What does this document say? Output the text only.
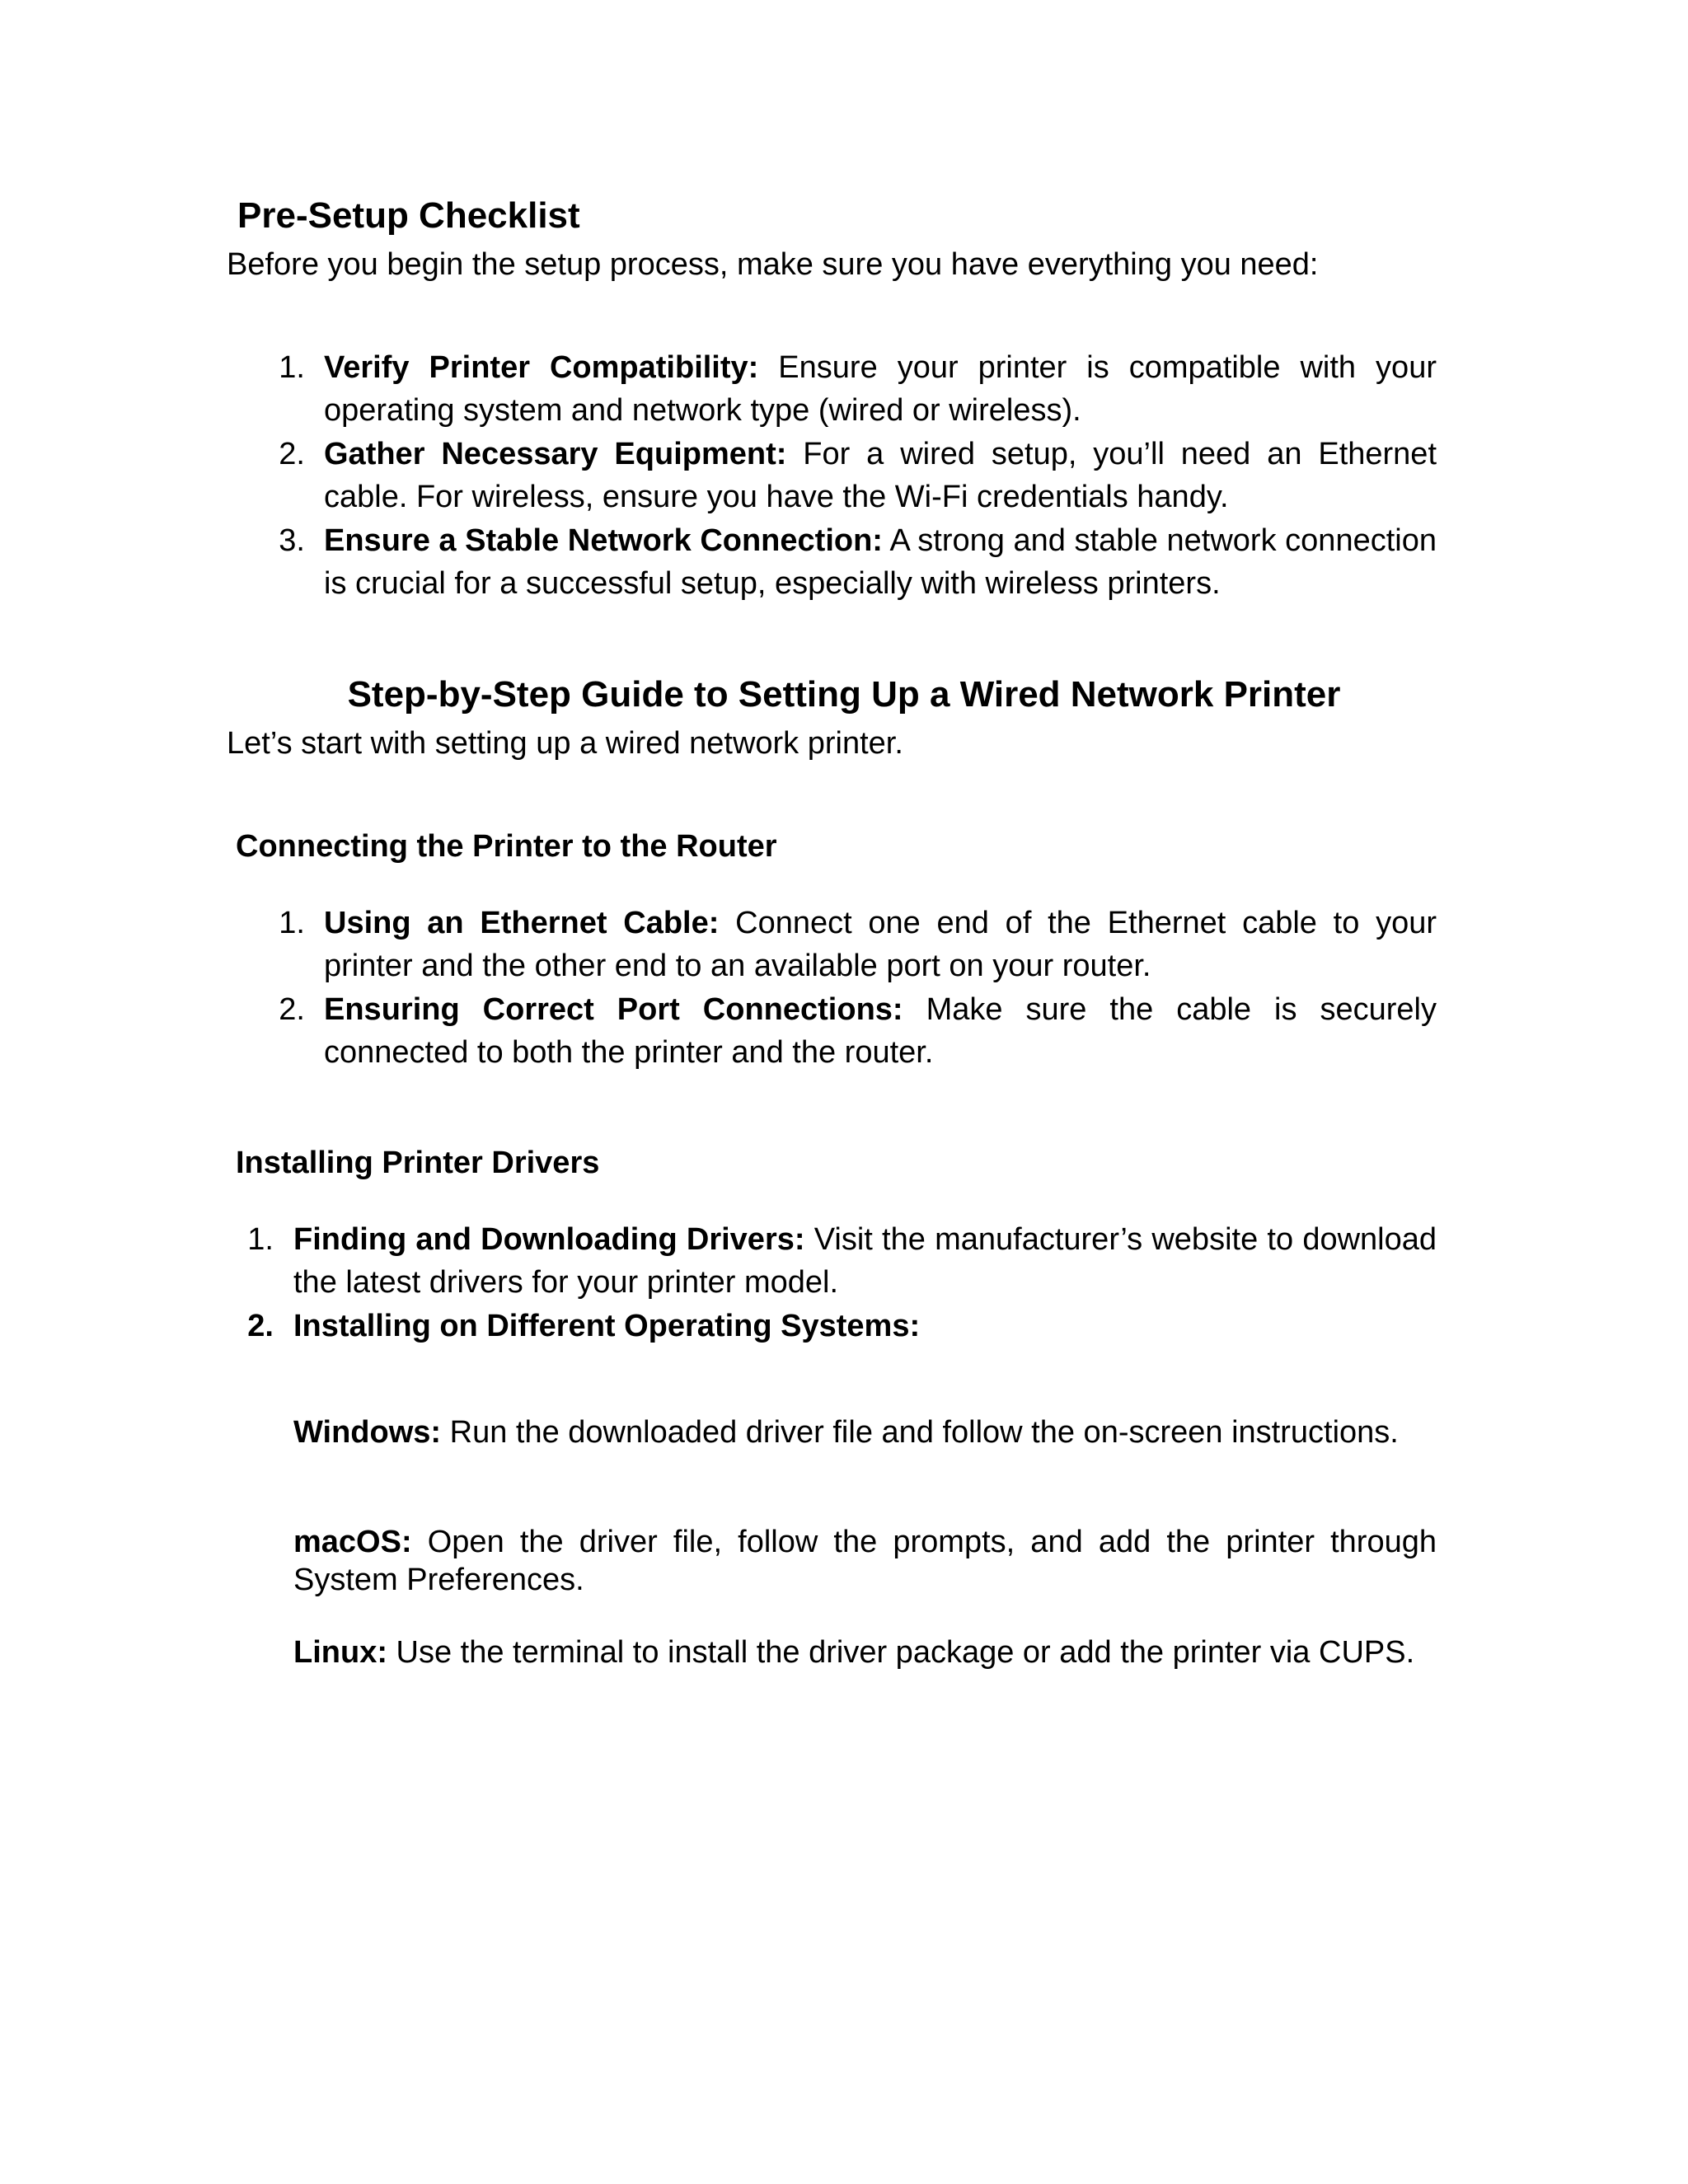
Pre-Setup Checklist

Before you begin the setup process, make sure you have everything you need:

1. Verify Printer Compatibility: Ensure your printer is compatible with your operating system and network type (wired or wireless).

2. Gather Necessary Equipment: For a wired setup, you’ll need an Ethernet cable. For wireless, ensure you have the Wi-Fi credentials handy.

3. Ensure a Stable Network Connection: A strong and stable network connection is crucial for a successful setup, especially with wireless printers.

Step-by-Step Guide to Setting Up a Wired Network Printer

Let’s start with setting up a wired network printer.

Connecting the Printer to the Router
1. Using an Ethernet Cable: Connect one end of the Ethernet cable to your printer and the other end to an available port on your router.

2. Ensuring Correct Port Connections: Make sure the cable is securely connected to both the printer and the router.

Installing Printer Drivers
1. Finding and Downloading Drivers: Visit the manufacturer’s website to download the latest drivers for your printer model.

2. Installing on Different Operating Systems:

Windows: Run the downloaded driver file and follow the on-screen instructions.

macOS: Open the driver file, follow the prompts, and add the printer through System Preferences.

Linux: Use the terminal to install the driver package or add the printer via CUPS.
